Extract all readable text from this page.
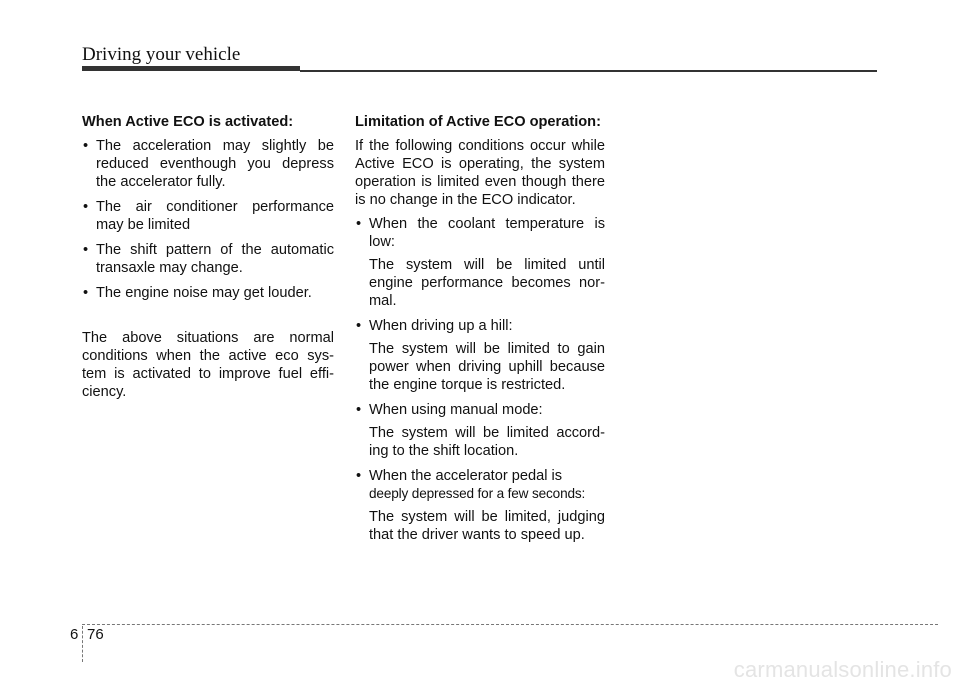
Driving your vehicle

When Active ECO is activated:

• The acceleration may slightly be reduced eventhough you depress the accelerator fully.
• The air conditioner performance may be limited
• The shift pattern of the automatic transaxle may change.
• The engine noise may get louder.

The above situations are normal conditions when the active eco sys-tem is activated to improve fuel effi-ciency.

Limitation of Active ECO operation:

If the following conditions occur while Active ECO is operating, the system operation is limited even though there is no change in the ECO indicator.

• When the coolant temperature is low:

The system will be limited until engine performance becomes nor-mal.

• When driving up a hill:

The system will be limited to gain power when driving uphill because the engine torque is restricted.

• When using manual mode:

The system will be limited accord-ing to the shift location.

• When the accelerator pedal is
deeply depressed for a few seconds:

The system will be limited, judging that the driver wants to speed up.

6 76
carmanualsonline.info
